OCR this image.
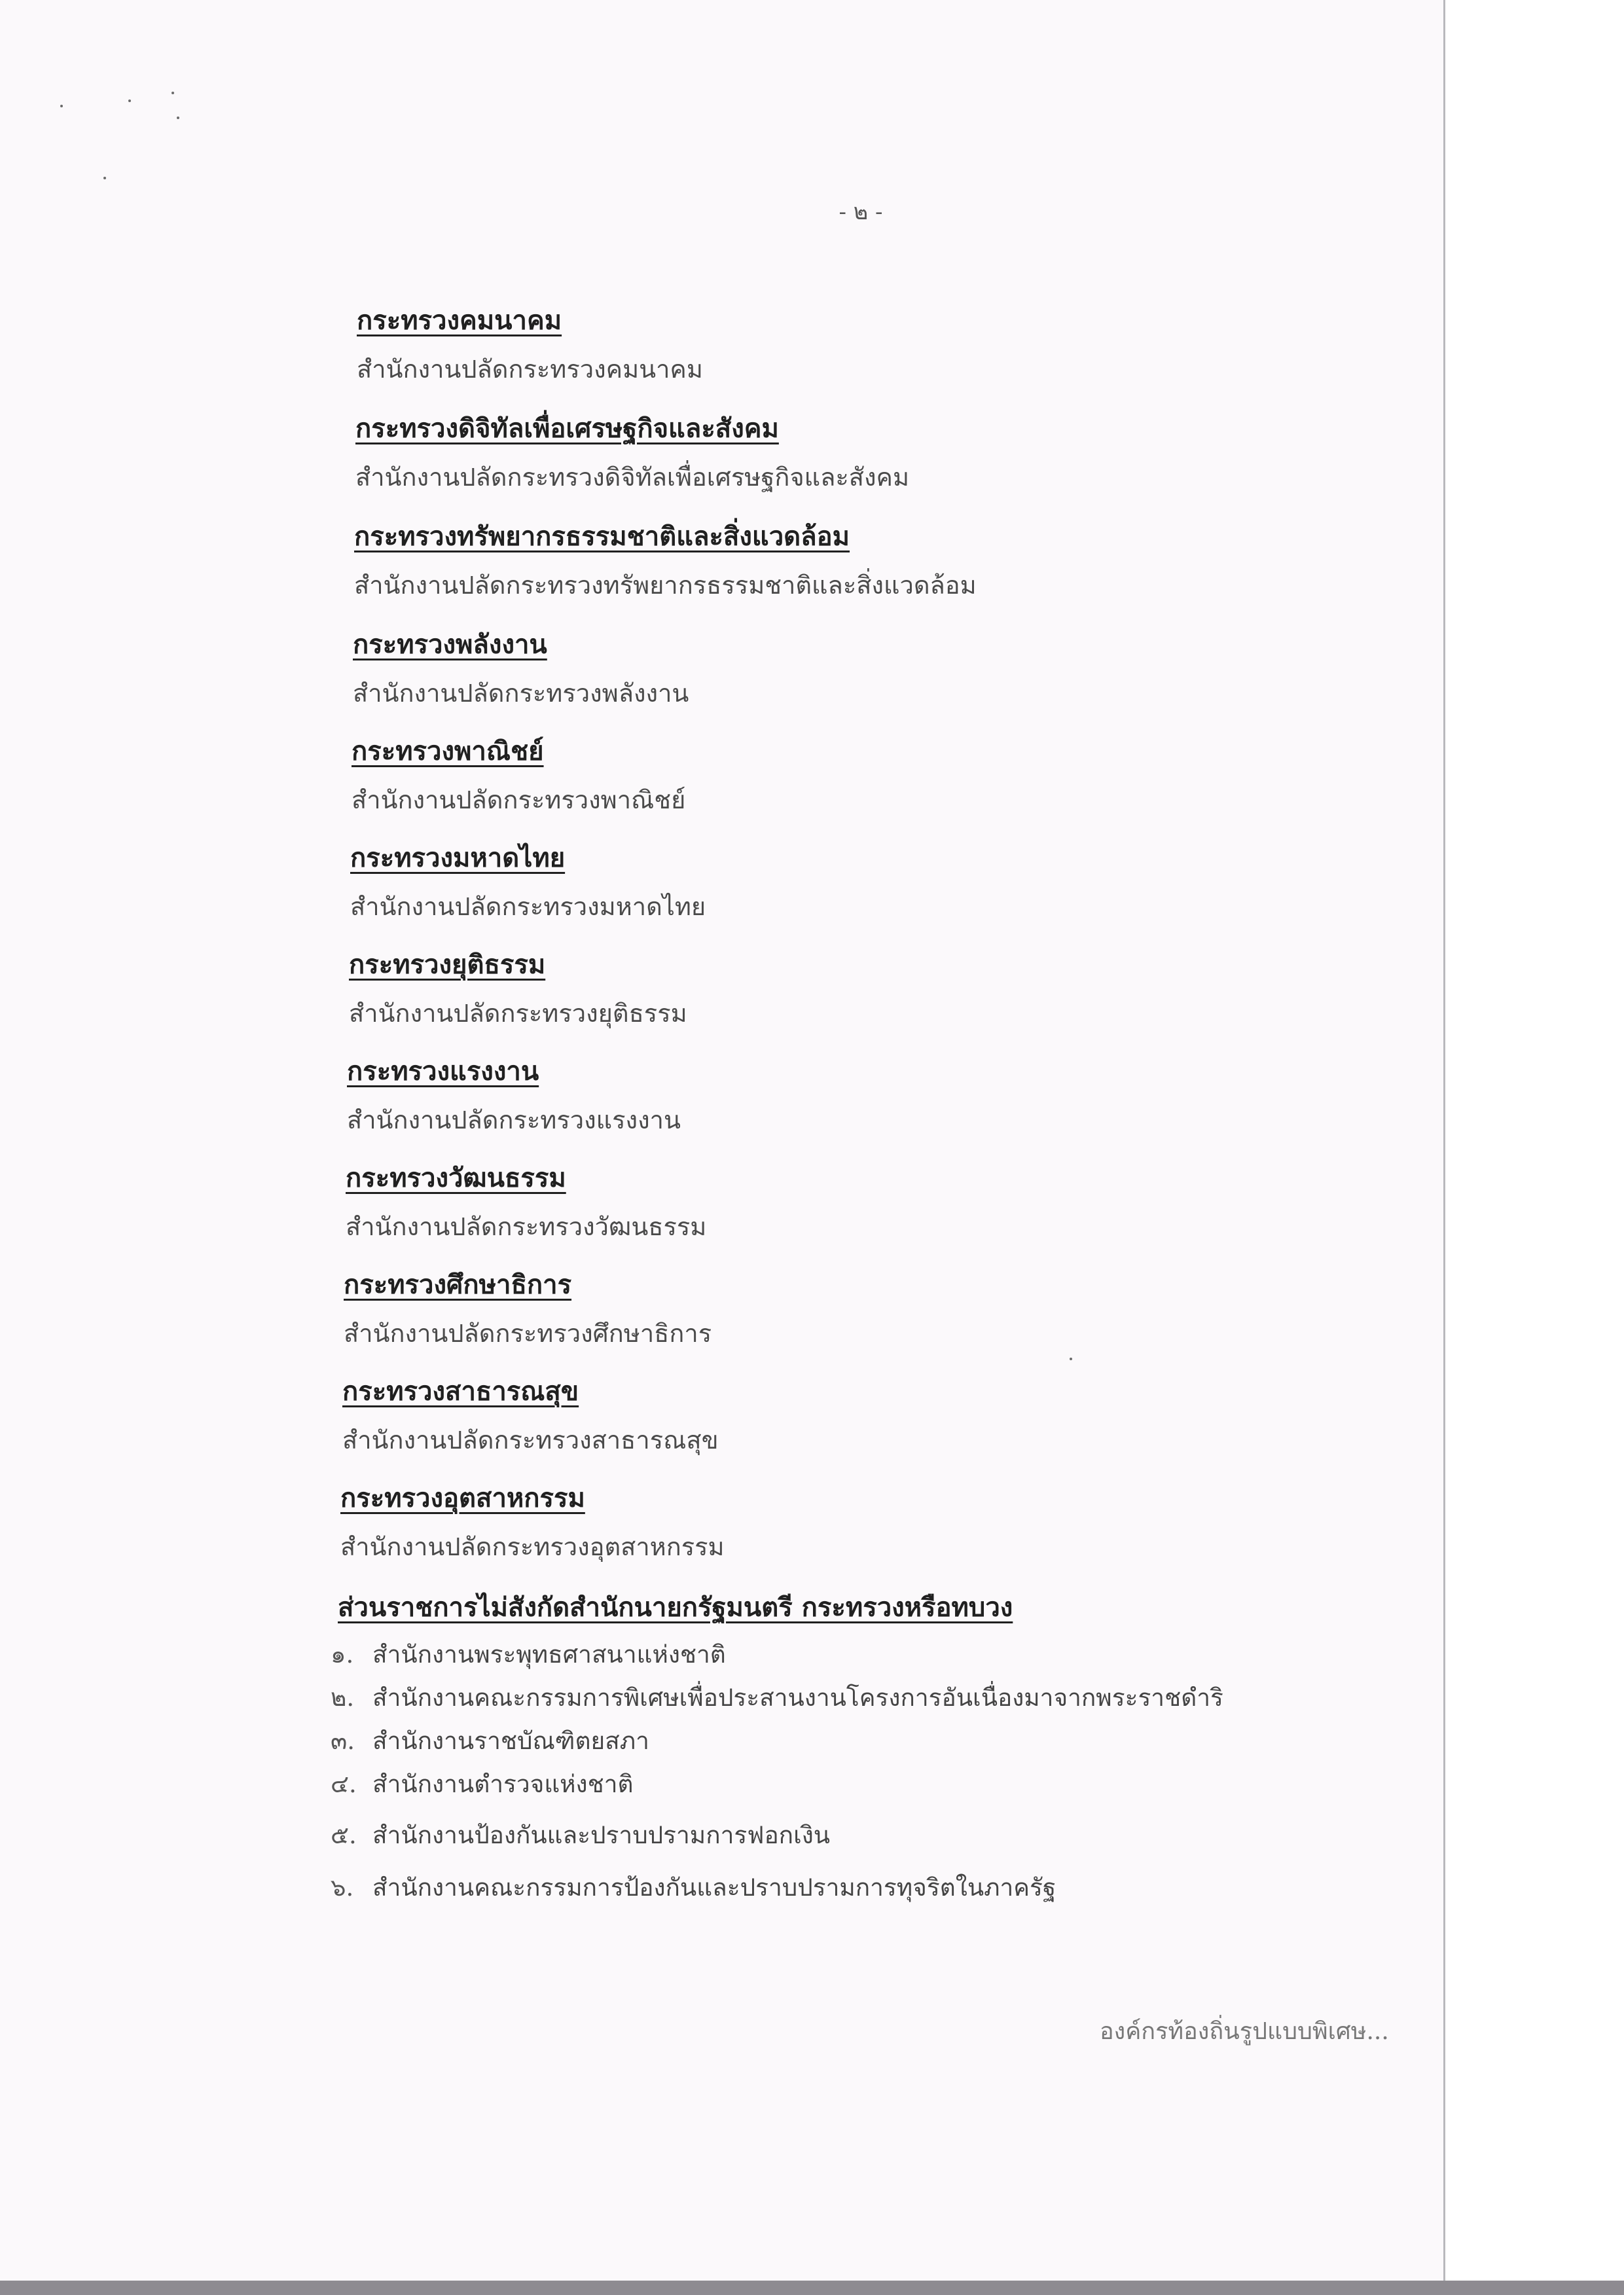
- ๒ -
กระทรวงคมนาคม
สำนักงานปลัดกระทรวงคมนาคม
กระทรวงดิจิทัลเพื่อเศรษฐกิจและสังคม
สำนักงานปลัดกระทรวงดิจิทัลเพื่อเศรษฐกิจและสังคม
กระทรวงทรัพยากรธรรมชาติและสิ่งแวดล้อม
สำนักงานปลัดกระทรวงทรัพยากรธรรมชาติและสิ่งแวดล้อม
กระทรวงพลังงาน
สำนักงานปลัดกระทรวงพลังงาน
กระทรวงพาณิชย์
สำนักงานปลัดกระทรวงพาณิชย์
กระทรวงมหาดไทย
สำนักงานปลัดกระทรวงมหาดไทย
กระทรวงยุติธรรม
สำนักงานปลัดกระทรวงยุติธรรม
กระทรวงแรงงาน
สำนักงานปลัดกระทรวงแรงงาน
กระทรวงวัฒนธรรม
สำนักงานปลัดกระทรวงวัฒนธรรม
กระทรวงศึกษาธิการ
สำนักงานปลัดกระทรวงศึกษาธิการ
กระทรวงสาธารณสุข
สำนักงานปลัดกระทรวงสาธารณสุข
กระทรวงอุตสาหกรรม
สำนักงานปลัดกระทรวงอุตสาหกรรม
ส่วนราชการไม่สังกัดสำนักนายกรัฐมนตรี กระทรวงหรือทบวง
๑. สำนักงานพระพุทธศาสนาแห่งชาติ
๒. สำนักงานคณะกรรมการพิเศษเพื่อประสานงานโครงการอันเนื่องมาจากพระราชดำริ
๓. สำนักงานราชบัณฑิตยสภา
๔. สำนักงานตำรวจแห่งชาติ
๕. สำนักงานป้องกันและปราบปรามการฟอกเงิน
๖. สำนักงานคณะกรรมการป้องกันและปราบปรามการทุจริตในภาครัฐ
องค์กรท้องถิ่นรูปแบบพิเศษ...
